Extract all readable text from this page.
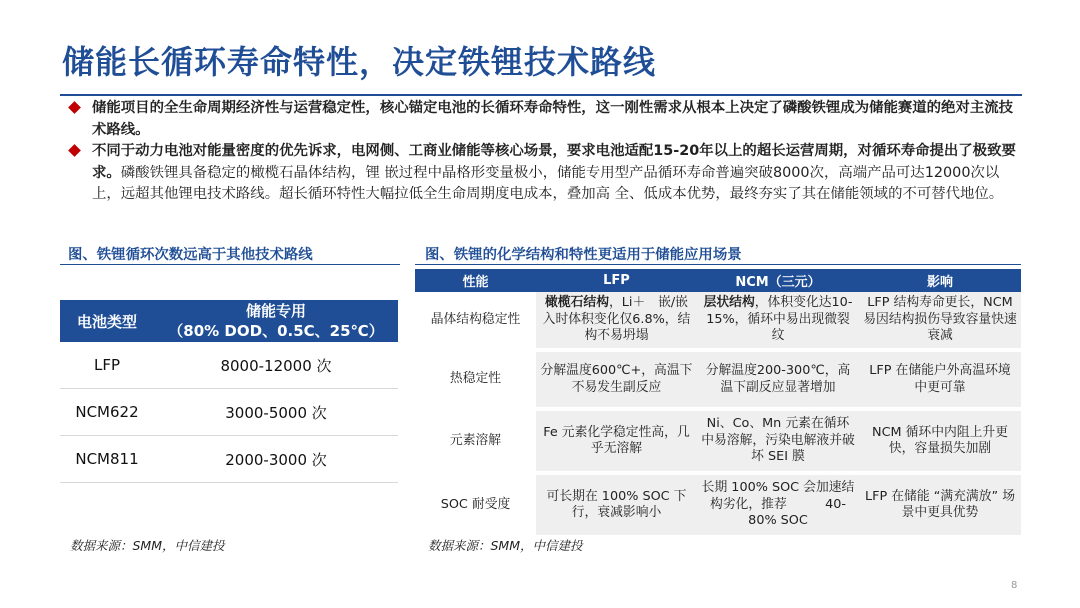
储能长循环寿命特性，决定铁锂技术路线

储能项目的全生命周期经济性与运营稳定性，核心锚定电池的长循环寿命特性，这一刚性需求从根本上决定了磷酸铁锂成为储能赛道的绝对主流技术路线。

不同于动力电池对能量密度的优先诉求，电网侧、工商业储能等核心场景，要求电池适配15-20年以上的超长运营周期，对循环寿命提出了极致要求。磷酸铁锂具备稳定的橄榄石晶体结构，锂 嵌过程中晶格形变量极小，储能专用型产品循环寿命普遍突破8000次，高端产品可达12000次以上，远超其他锂电技术路线。超长循环特性大幅拉低全生命周期度电成本，叠加高 全、低成本优势，最终夯实了其在储能领域的不可替代地位。

图、铁锂循环次数远高于其他技术路线
电池类型	储能专用
（80% DOD、0.5C、25℃）

LFP	8000-12000 次
NCM622	3000-5000 次
NCM811	2000-3000 次
数据来源：SMM，中信建投
图、铁锂的化学结构和特性更适用于储能应用场景
性能	LFP	NCM（三元）	影响
晶体结构稳定性	橄榄石结构，Li＋　嵌/嵌入时体积变化仅6.8%，结构不易坍塌	层状结构，体积变化达10-15%，循环中易出现微裂纹	LFP 结构寿命更长，NCM 易因结构损伤导致容量快速衰减
热稳定性	分解温度600℃+，高温下不易发生副反应	分解温度200-300℃，高温下副反应显著增加	LFP 在储能户外高温环境中更可靠
元素溶解	Fe 元素化学稳定性高，几乎无溶解	Ni、Co、Mn 元素在循环中易溶解，污染电解液并破坏 SEI 膜	NCM 循环中内阻上升更快，容量损失加剧
SOC 耐受度	可长期在 100% SOC 下行，衰减影响小	长期 100% SOC 会加速结构劣化，推荐　　　40-80% SOC	LFP 在储能 “满充满放” 场景中更具优势
数据来源：SMM，中信建投
8
